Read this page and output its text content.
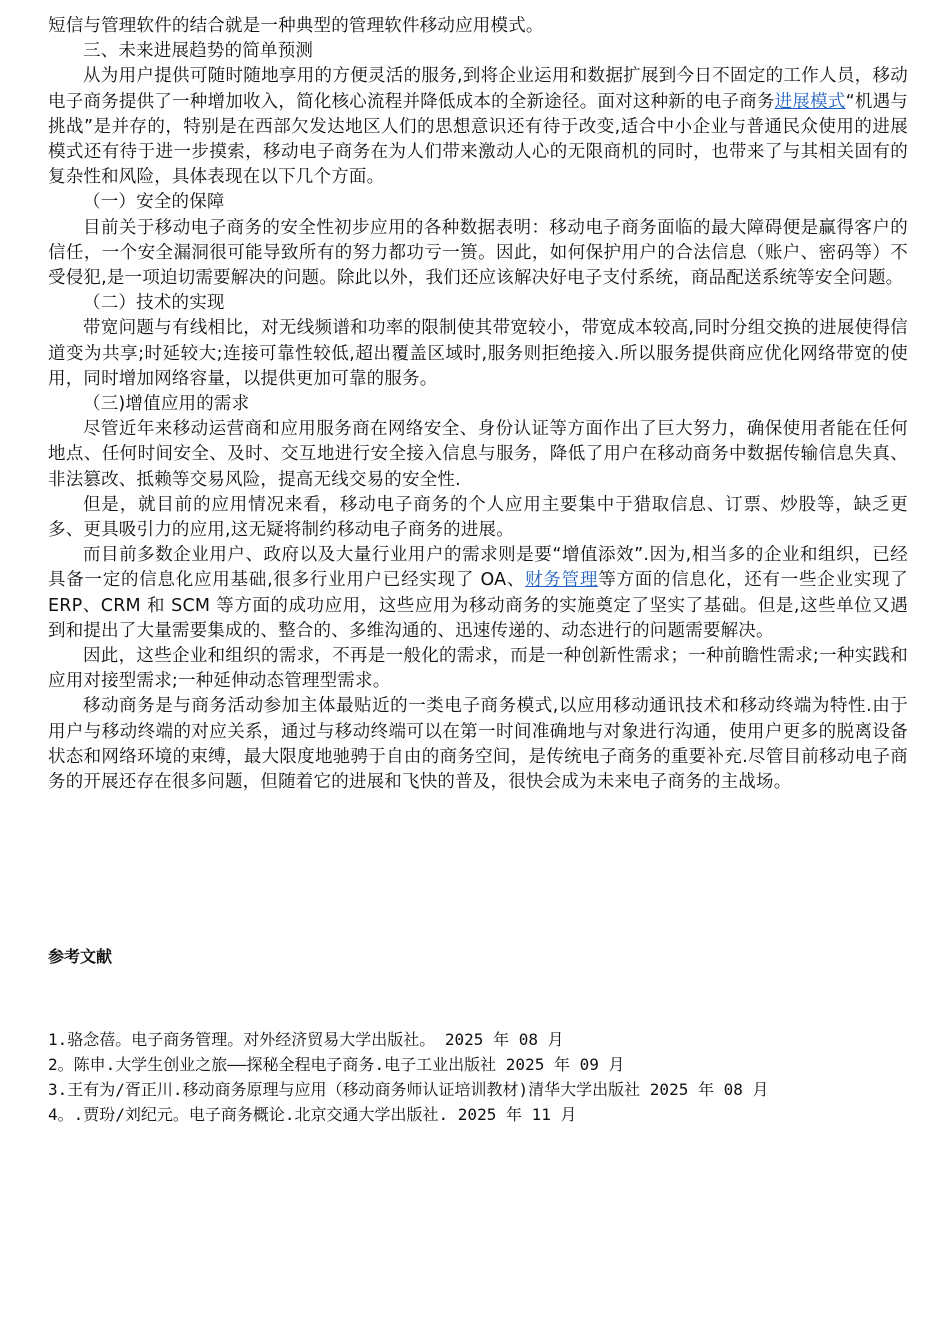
短信与管理软件的结合就是一种典型的管理软件移动应用模式。

三、未来进展趋势的简单预测

从为用户提供可随时随地享用的方便灵活的服务,到将企业运用和数据扩展到今日不固定的工作人员，移动电子商务提供了一种增加收入，简化核心流程并降低成本的全新途径。面对这种新的电子商务进展模式“机遇与挑战”是并存的，特别是在西部欠发达地区人们的思想意识还有待于改变,适合中小企业与普通民众使用的进展模式还有待于进一步摸索，移动电子商务在为人们带来激动人心的无限商机的同时，也带来了与其相关固有的复杂性和风险，具体表现在以下几个方面。

（一）安全的保障

目前关于移动电子商务的安全性初步应用的各种数据表明：移动电子商务面临的最大障碍便是赢得客户的信任，一个安全漏洞很可能导致所有的努力都功亏一篑。因此，如何保护用户的合法信息（账户、密码等）不受侵犯,是一项迫切需要解决的问题。除此以外，我们还应该解决好电子支付系统，商品配送系统等安全问题。

（二）技术的实现

带宽问题与有线相比，对无线频谱和功率的限制使其带宽较小，带宽成本较高,同时分组交换的进展使得信道变为共享;时延较大;连接可靠性较低,超出覆盖区域时,服务则拒绝接入.所以服务提供商应优化网络带宽的使用，同时增加网络容量，以提供更加可靠的服务。

（三)增值应用的需求

尽管近年来移动运营商和应用服务商在网络安全、身份认证等方面作出了巨大努力，确保使用者能在任何地点、任何时间安全、及时、交互地进行安全接入信息与服务，降低了用户在移动商务中数据传输信息失真、非法篡改、抵赖等交易风险，提高无线交易的安全性.

但是，就目前的应用情况来看，移动电子商务的个人应用主要集中于猎取信息、订票、炒股等，缺乏更多、更具吸引力的应用,这无疑将制约移动电子商务的进展。

而目前多数企业用户、政府以及大量行业用户的需求则是要“增值添效”.因为,相当多的企业和组织，已经具备一定的信息化应用基础,很多行业用户已经实现了 OA、财务管理等方面的信息化，还有一些企业实现了 ERP、CRM 和 SCM 等方面的成功应用，这些应用为移动商务的实施奠定了坚实了基础。但是,这些单位又遇到和提出了大量需要集成的、整合的、多维沟通的、迅速传递的、动态进行的问题需要解决。

因此，这些企业和组织的需求，不再是一般化的需求，而是一种创新性需求；一种前瞻性需求;一种实践和应用对接型需求;一种延伸动态管理型需求。

移动商务是与商务活动参加主体最贴近的一类电子商务模式,以应用移动通讯技术和移动终端为特性.由于用户与移动终端的对应关系，通过与移动终端可以在第一时间准确地与对象进行沟通，使用户更多的脱离设备状态和网络环境的束缚，最大限度地驰骋于自由的商务空间，是传统电子商务的重要补充.尽管目前移动电子商务的开展还存在很多问题，但随着它的进展和飞快的普及，很快会成为未来电子商务的主战场。

参考文献

1.骆念蓓。电子商务管理。对外经济贸易大学出版社。 2025 年 08 月

2。陈申.大学生创业之旅——探秘全程电子商务.电子工业出版社 2025 年 09 月

3.王有为/胥正川.移动商务原理与应用（移动商务师认证培训教材)清华大学出版社 2025 年 08 月

4。.贾玢/刘纪元。电子商务概论.北京交通大学出版社. 2025 年 11 月
